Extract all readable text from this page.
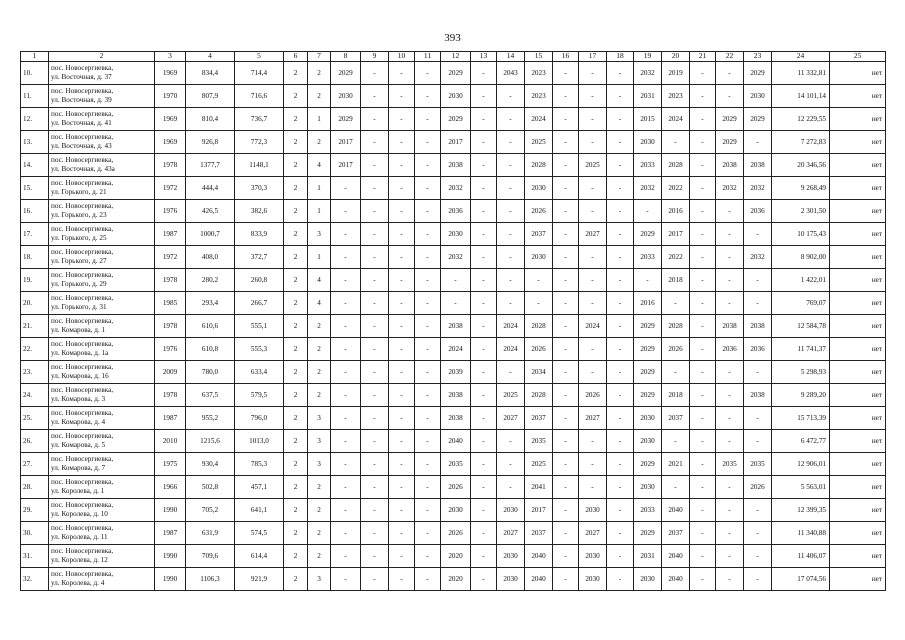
393
1	2	3	4	5	6	7	8	9	10	11	12	13	14	15	16	17	18	19	20	21	22	23	24	25
10.	пос. Новосергиевка,
ул. Восточная, д. 37	1969	834,4	714,4	2	2	2029	-	-	-	2029	-	2043	2023	-	-	-	2032	2019	-	-	2029	11 332,81	нет
11.	пос. Новосергиевка,
ул. Восточная, д. 39	1970	807,9	716,6	2	2	2030	-	-	-	2030	-	-	2023	-	-	-	2031	2023	-	-	2030	14 101,14	нет
12.	пос. Новосергиевка,
ул. Восточная, д. 41	1969	810,4	736,7	2	1	2029	-	-	-	2029	-	-	2024	-	-	-	2015	2024	-	2029	2029	12 229,55	нет
13.	пос. Новосергиевка,
ул. Восточная, д. 43	1969	926,8	772,3	2	2	2017	-	-	-	2017	-	-	2025	-	-	-	2030	-	-	2029	-	7 272,83	нет
14.	пос. Новосергиевка,
ул. Восточная, д. 43а	1978	1377,7	1148,1	2	4	2017	-	-	-	2038	-	-	2028	-	2025	-	2033	2028	-	2038	2038	20 346,56	нет
15.	пос. Новосергиевка,
ул. Горького, д. 21	1972	444,4	370,3	2	1	-	-	-	-	2032	-	-	2030	-	-	-	2032	2022	-	2032	2032	9 268,49	нет
16.	пос. Новосергиевка,
ул. Горького, д. 23	1976	426,5	382,6	2	1	-	-	-	-	2036	-	-	2026	-	-	-	-	2016	-	-	2036	2 301,50	нет
17.	пос. Новосергиевка,
ул. Горького, д. 25	1987	1000,7	833,9	2	3	-	-	-	-	2030	-	-	2037	-	2027	-	2029	2017	-	-	-	10 175,43	нет
18.	пос. Новосергиевка,
ул. Горького, д. 27	1972	408,0	372,7	2	1	-	-	-	-	2032	-	-	2030	-	-	-	2033	2022	-	-	2032	8 902,00	нет
19.	пос. Новосергиевка,
ул. Горького, д. 29	1978	280,2	260,8	2	4	-	-	-	-	-	-	-	-	-	-	-	-	2018	-	-	-	1 422,01	нет
20.	пос. Новосергиевка,
ул. Горького, д. 31	1985	293,4	266,7	2	4	-	-	-	-	-	-	-	-	-	-	-	2016	-	-	-	-	769,07	нет
21.	пос. Новосергиевка,
ул. Комарова, д. 1	1978	610,6	555,1	2	2	-	-	-	-	2038	-	2024	2028	-	2024	-	2029	2028	-	2038	2038	12 584,78	нет
22.	пос. Новосергиевка,
ул. Комарова, д. 1а	1976	610,8	555,3	2	2	-	-	-	-	2024	-	2024	2026	-	-	-	2029	2026	-	2036	2036	11 741,37	нет
23.	пос. Новосергиевка,
ул. Комарова, д. 16	2009	780,0	633,4	2	2	-	-	-	-	2039	-	-	2034	-	-	-	2029	-	-	-	-	5 298,93	нет
24.	пос. Новосергиевка,
ул. Комарова, д. 3	1978	637,5	579,5	2	2	-	-	-	-	2038	-	2025	2028	-	2026	-	2029	2018	-	-	2038	9 289,20	нет
25.	пос. Новосергиевка,
ул. Комарова, д. 4	1987	955,2	796,0	2	3	-	-	-	-	2038	-	2027	2037	-	2027	-	2030	2037	-	-	-	15 713,39	нет
26.	пос. Новосергиевка,
ул. Комарова, д. 5	2010	1215,6	1013,0	2	3	-	-	-	-	2040	-	-	2035	-	-	-	2030	-	-	-	-	6 472,77	нет
27.	пос. Новосергиевка,
ул. Комарова, д. 7	1975	930,4	785,3	2	3	-	-	-	-	2035	-	-	2025	-	-	-	2029	2021	-	2035	2035	12 906,01	нет
28.	пос. Новосергиевка,
ул. Королева, д. 1	1966	502,8	457,1	2	2	-	-	-	-	2026	-	-	2041	-	-	-	2030	-	-	-	2026	5 563,01	нет
29.	пос. Новосергиевка,
ул. Королева, д. 10	1990	705,2	641,1	2	2	-	-	-	-	2030	-	2030	2017	-	2030	-	2033	2040	-	-	-	12 399,35	нет
30.	пос. Новосергиевка,
ул. Королева, д. 11	1987	631,9	574,5	2	2	-	-	-	-	2026	-	2027	2037	-	2027	-	2029	2037	-	-	-	11 340,88	нет
31.	пос. Новосергиевка,
ул. Королева, д. 12	1990	709,6	614,4	2	2	-	-	-	-	2020	-	2030	2040	-	2030	-	2031	2040	-	-	-	11 406,07	нет
32.	пос. Новосергиевка,
ул. Королева, д. 4	1990	1106,3	921,9	2	3	-	-	-	-	2020	-	2030	2040	-	2030	-	2030	2040	-	-	-	17 074,56	нет
